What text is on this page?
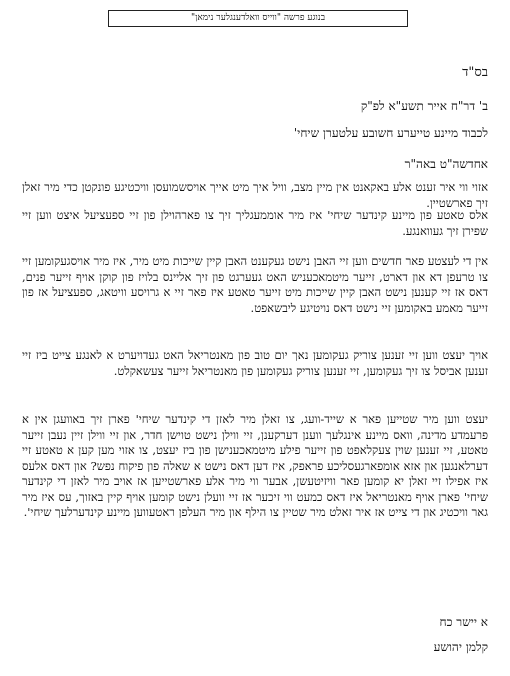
בנוגע פרשה "ווייס וואלדענגלער נימאן"
בס"ד
ב' דר"ח אייר תשע"א לפ"ק
לכבוד מיינע טייערע חשובע עלטערן שיחי'
אחדשה"ט באה"ר

אזוי ווי איר זענט אלע באקאנט אין מיין מצב, וויל איך מיט אייך אויסשמועסן וויכטיגע פונקטן כדי מיר זאלן זיך פארשטיין.

אלס טאטע פון מיינע קינדער שיחי' איז מיר אוממעגליך זיך צו פארהוילן פון זיי ספעציעל איצט ווען זיי שפירן זיך געוואנגע.

אין די לעצטע פאר חדשים ווען זיי האבן נישט געקענט האבן קיין שייכות מיט מיר, איז מיר אויסגעקומען זיי צו טרעפן דא און דארט, זייער מיטמאכעניש האט געערגט פון זיך אליינס בלויז פון קוקן אויף זייער פנים, דאס אז זיי קענען נישט האבן קיין שייכות מיט זייער טאטע איז פאר זיי א גרויסע וויטאג, ספעציעל אז פון זייער מאמע באקומען זיי נישט דאס נויטיגע ליבשאפט.

אויך יעצט ווען זיי זענען צוריק געקומען נאך יום טוב פון מאנטריאל האט געדויערט א לאנגע צייט ביז זיי זענען אביסל צו זיך געקומען, זיי זענען צוריק געקומען פון מאנטריאל זייער צעשאקלט.

יעצט ווען מיר שטייען פאר א שייד-וועג, צו זאלן מיר לאזן די קינדער שיחי' פארן זיך באוועגן אין א פרעמדע מדינה, וואס מיינע אינגלעך ווענן דערקענן, זיי ווילן נישט טוישן חדר, און זיי ווילן זיין נעבן זייער טאטע, זיי זענען שוין צעקלאפט פון זייער פילע מיטמאכענישן פון ביז יעצט, צו אזוי מען קען א טאטע זיי דערלאנגען און אזא אומפארגעסליכע פראפק, איז דען דאס נישט א שאלה פון פיקוח נפש? און דאס אלעס איז אפילו זיי זאלן יא קומען פאר וויזיטעשן, אבער ווי מיר אלע פארשטייען אז אויב מיר לאזן די קינדער שיחי' פארן אויף מאנטריאל איז דאס כמעט ווי זיכער אז זיי וועלן נישט קומען אויף קיין באזוך, עס איז מיר גאר וויכטיג און די צייט אז איר זאלט מיר שטיין צו הילף און מיר העלפן ראטעווען מיינע קינדערלעך שיחי'.

א יישר כח
קלמן יהושע
